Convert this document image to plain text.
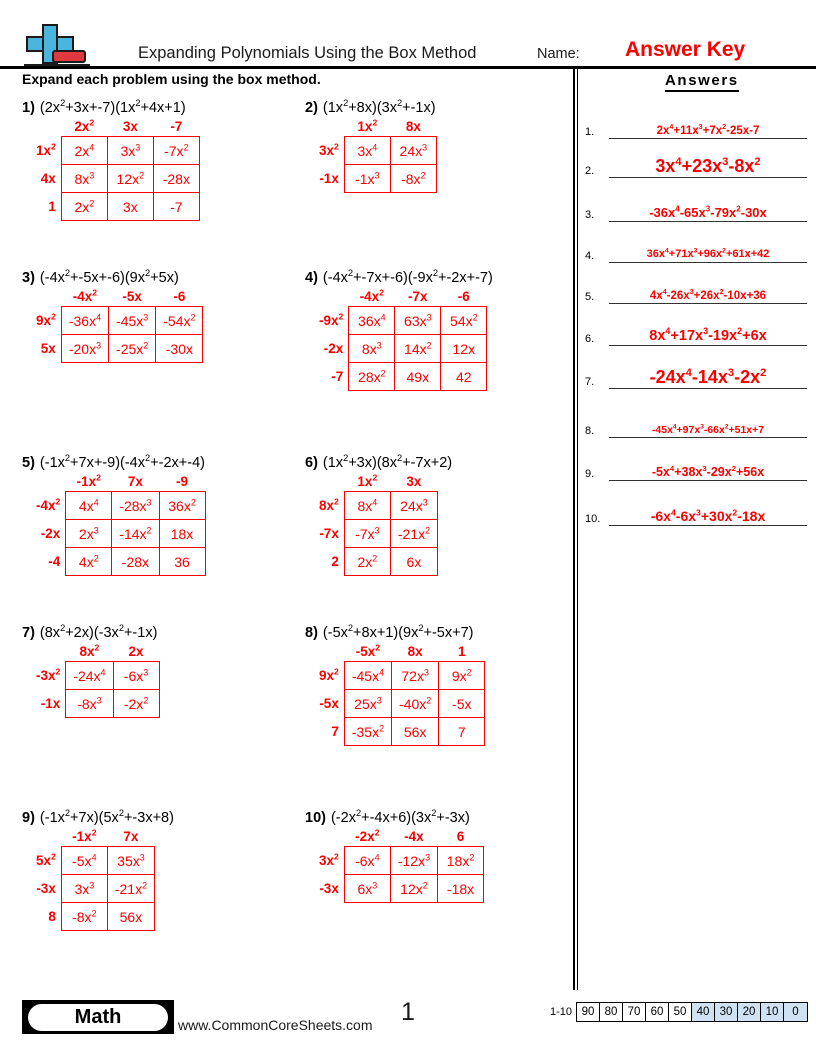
Expanding Polynomials Using the Box Method	Name: Answer Key
Expand each problem using the box method.	Answers
1.	$2x^4+11x^3+7x^2-25x-7$
2.	$3x^4+23x^3-8x^2$
3.	$-36x^4-65x^3-79x^2-30x$
4.	$36x^4+71x^3+96x^2+61x+42$
5.	$4x^4-26x^3+26x^2-10x+36$
6.	$8x^4+17x^3-19x^2+6x$
7.	$-24x^4-14x^3-2x^2$
8.	$-45x^4+97x^3-66x^2+51x+7$
9.	$-5x^4+38x^3-29x^2+56x$
10.	$-6x^4-6x^3+30x^2-18x$
1) $(2x^2+3x+-7)(1x^2+4x+1)$
	$2x^2$	3x	-7
$1x^2$	$2x^4$	$3x^3$	$-7x^2$
4x	$8x^3$	$12x^2$	-28x
1	$2x^2$	3x	-7
2) $(1x^2+8x)(3x^2+-1x)$
	$1x^2$	8x
$3x^2$	$3x^4$	$24x^3$
-1x	$-1x^3$	$-8x^2$
3) $(-4x^2+-5x+-6)(9x^2+5x)$
	$-4x^2$	-5x	-6
$9x^2$	$-36x^4$	$-45x^3$	$-54x^2$
5x	$-20x^3$	$-25x^2$	-30x
4) $(-4x^2+-7x+-6)(-9x^2+-2x+-7)$
	$-4x^2$	-7x	-6
$-9x^2$	$36x^4$	$63x^3$	$54x^2$
-2x	$8x^3$	$14x^2$	12x
-7	$28x^2$	49x	42
5) $(-1x^2+7x+-9)(-4x^2+-2x+-4)$
	$-1x^2$	7x	-9
$-4x^2$	$4x^4$	$-28x^3$	$36x^2$
-2x	$2x^3$	$-14x^2$	18x
-4	$4x^2$	-28x	36
6) $(1x^2+3x)(8x^2+-7x+2)$
	$1x^2$	3x
$8x^2$	$8x^4$	$24x^3$
-7x	$-7x^3$	$-21x^2$
2	$2x^2$	6x
7) $(8x^2+2x)(-3x^2+-1x)$
	$8x^2$	2x
$-3x^2$	$-24x^4$	$-6x^3$
-1x	$-8x^3$	$-2x^2$
8) $(-5x^2+8x+1)(9x^2+-5x+7)$
	$-5x^2$	8x	1
$9x^2$	$-45x^4$	$72x^3$	$9x^2$
-5x	$25x^3$	$-40x^2$	-5x
7	$-35x^2$	56x	7
9) $(-1x^2+7x)(5x^2+-3x+8)$
	$-1x^2$	7x
$5x^2$	$-5x^4$	$35x^3$
-3x	$3x^3$	$-21x^2$
8	$-8x^2$	56x
10) $(-2x^2+-4x+6)(3x^2+-3x)$
	$-2x^2$	-4x	6
$3x^2$	$-6x^4$	$-12x^3$	$18x^2$
-3x	$6x^3$	$12x^2$	-18x
Math	www.CommonCoreSheets.com	1	1-10 90 80 70 60 50 40 30 20 10	0
